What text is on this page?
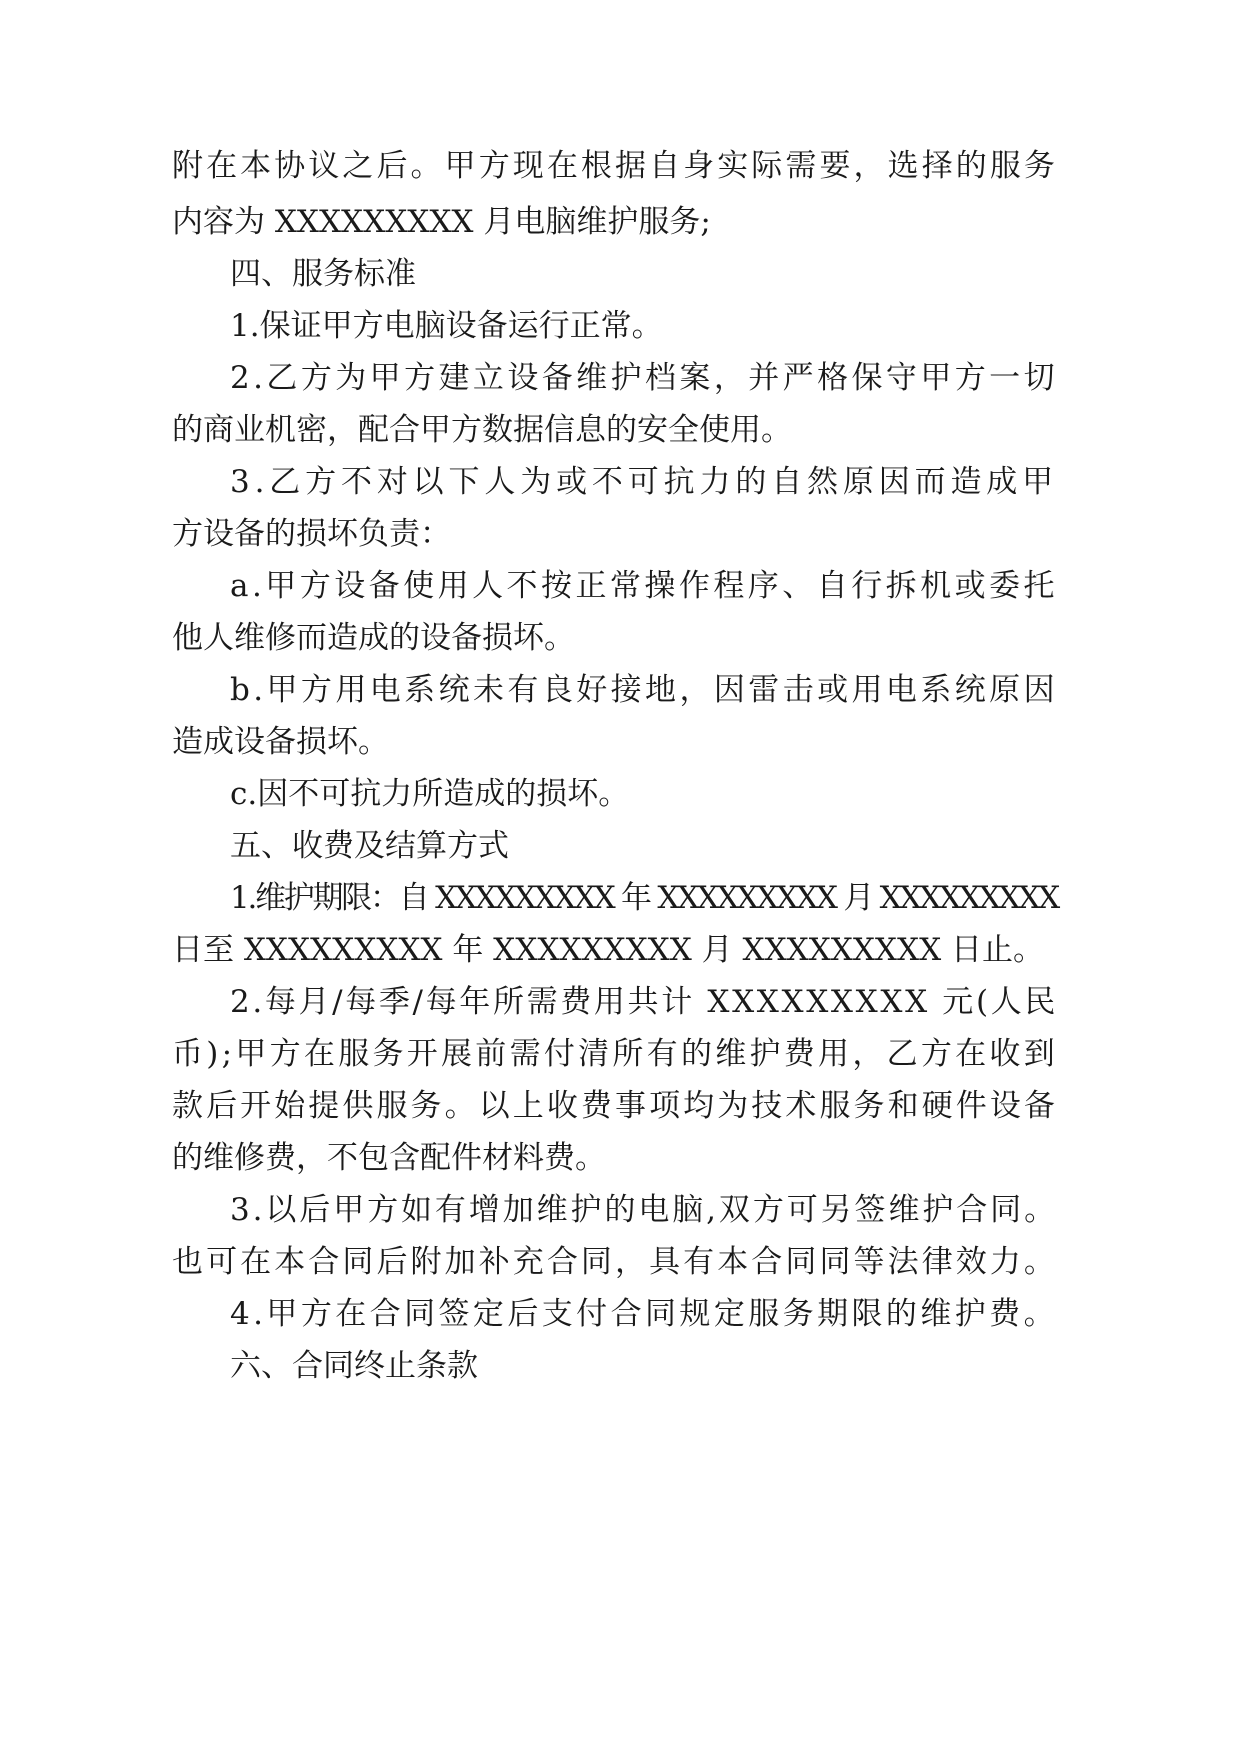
附在本协议之后。甲方现在根据自身实际需要，选择的服务
内容为 XXXXXXXXX 月电脑维护服务;
四、服务标准
1.保证甲方电脑设备运行正常。
2.乙方为甲方建立设备维护档案，并严格保守甲方一切
的商业机密，配合甲方数据信息的安全使用。
3.乙方不对以下人为或不可抗力的自然原因而造成甲
方设备的损坏负责：
a.甲方设备使用人不按正常操作程序、自行拆机或委托
他人维修而造成的设备损坏。
b.甲方用电系统未有良好接地，因雷击或用电系统原因
造成设备损坏。
c.因不可抗力所造成的损坏。
五、收费及结算方式
1.维护期限：自 XXXXXXXXX 年 XXXXXXXXX 月 XXXXXXXXX
日至 XXXXXXXXX 年 XXXXXXXXX 月 XXXXXXXXX 日止。
2.每月/每季/每年所需费用共计 XXXXXXXXX 元(人民
币);甲方在服务开展前需付清所有的维护费用，乙方在收到
款后开始提供服务。以上收费事项均为技术服务和硬件设备
的维修费，不包含配件材料费。
3.以后甲方如有增加维护的电脑,双方可另签维护合同。
也可在本合同后附加补充合同，具有本合同同等法律效力。
4.甲方在合同签定后支付合同规定服务期限的维护费。
六、合同终止条款
